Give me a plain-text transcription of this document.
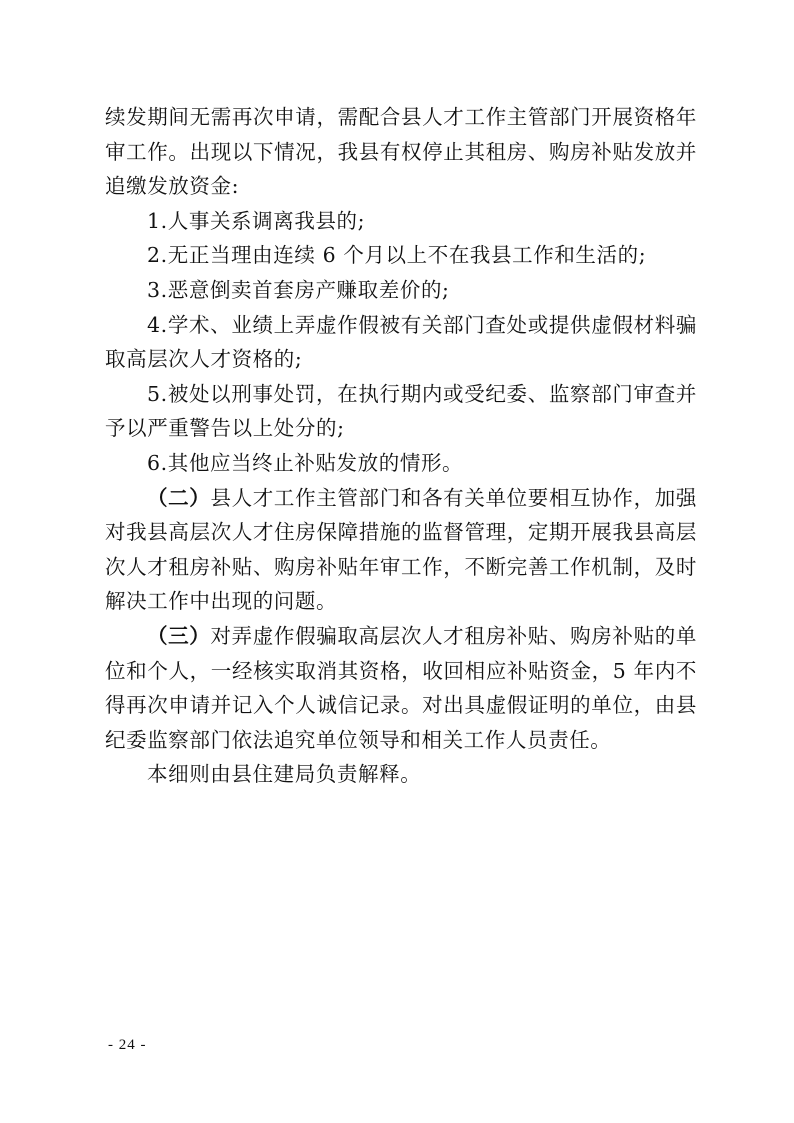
续发期间无需再次申请，需配合县人才工作主管部门开展资格年审工作。出现以下情况，我县有权停止其租房、购房补贴发放并追缴发放资金:

1.人事关系调离我县的;

2.无正当理由连续 6 个月以上不在我县工作和生活的;

3.恶意倒卖首套房产赚取差价的;

4.学术、业绩上弄虚作假被有关部门查处或提供虚假材料骗取高层次人才资格的;

5.被处以刑事处罚，在执行期内或受纪委、监察部门审查并予以严重警告以上处分的;

6.其他应当终止补贴发放的情形。

（二）县人才工作主管部门和各有关单位要相互协作，加强对我县高层次人才住房保障措施的监督管理，定期开展我县高层次人才租房补贴、购房补贴年审工作，不断完善工作机制，及时解决工作中出现的问题。

（三）对弄虚作假骗取高层次人才租房补贴、购房补贴的单位和个人，一经核实取消其资格，收回相应补贴资金，5 年内不得再次申请并记入个人诚信记录。对出具虚假证明的单位，由县纪委监察部门依法追究单位领导和相关工作人员责任。

本细则由县住建局负责解释。

- 24 -
